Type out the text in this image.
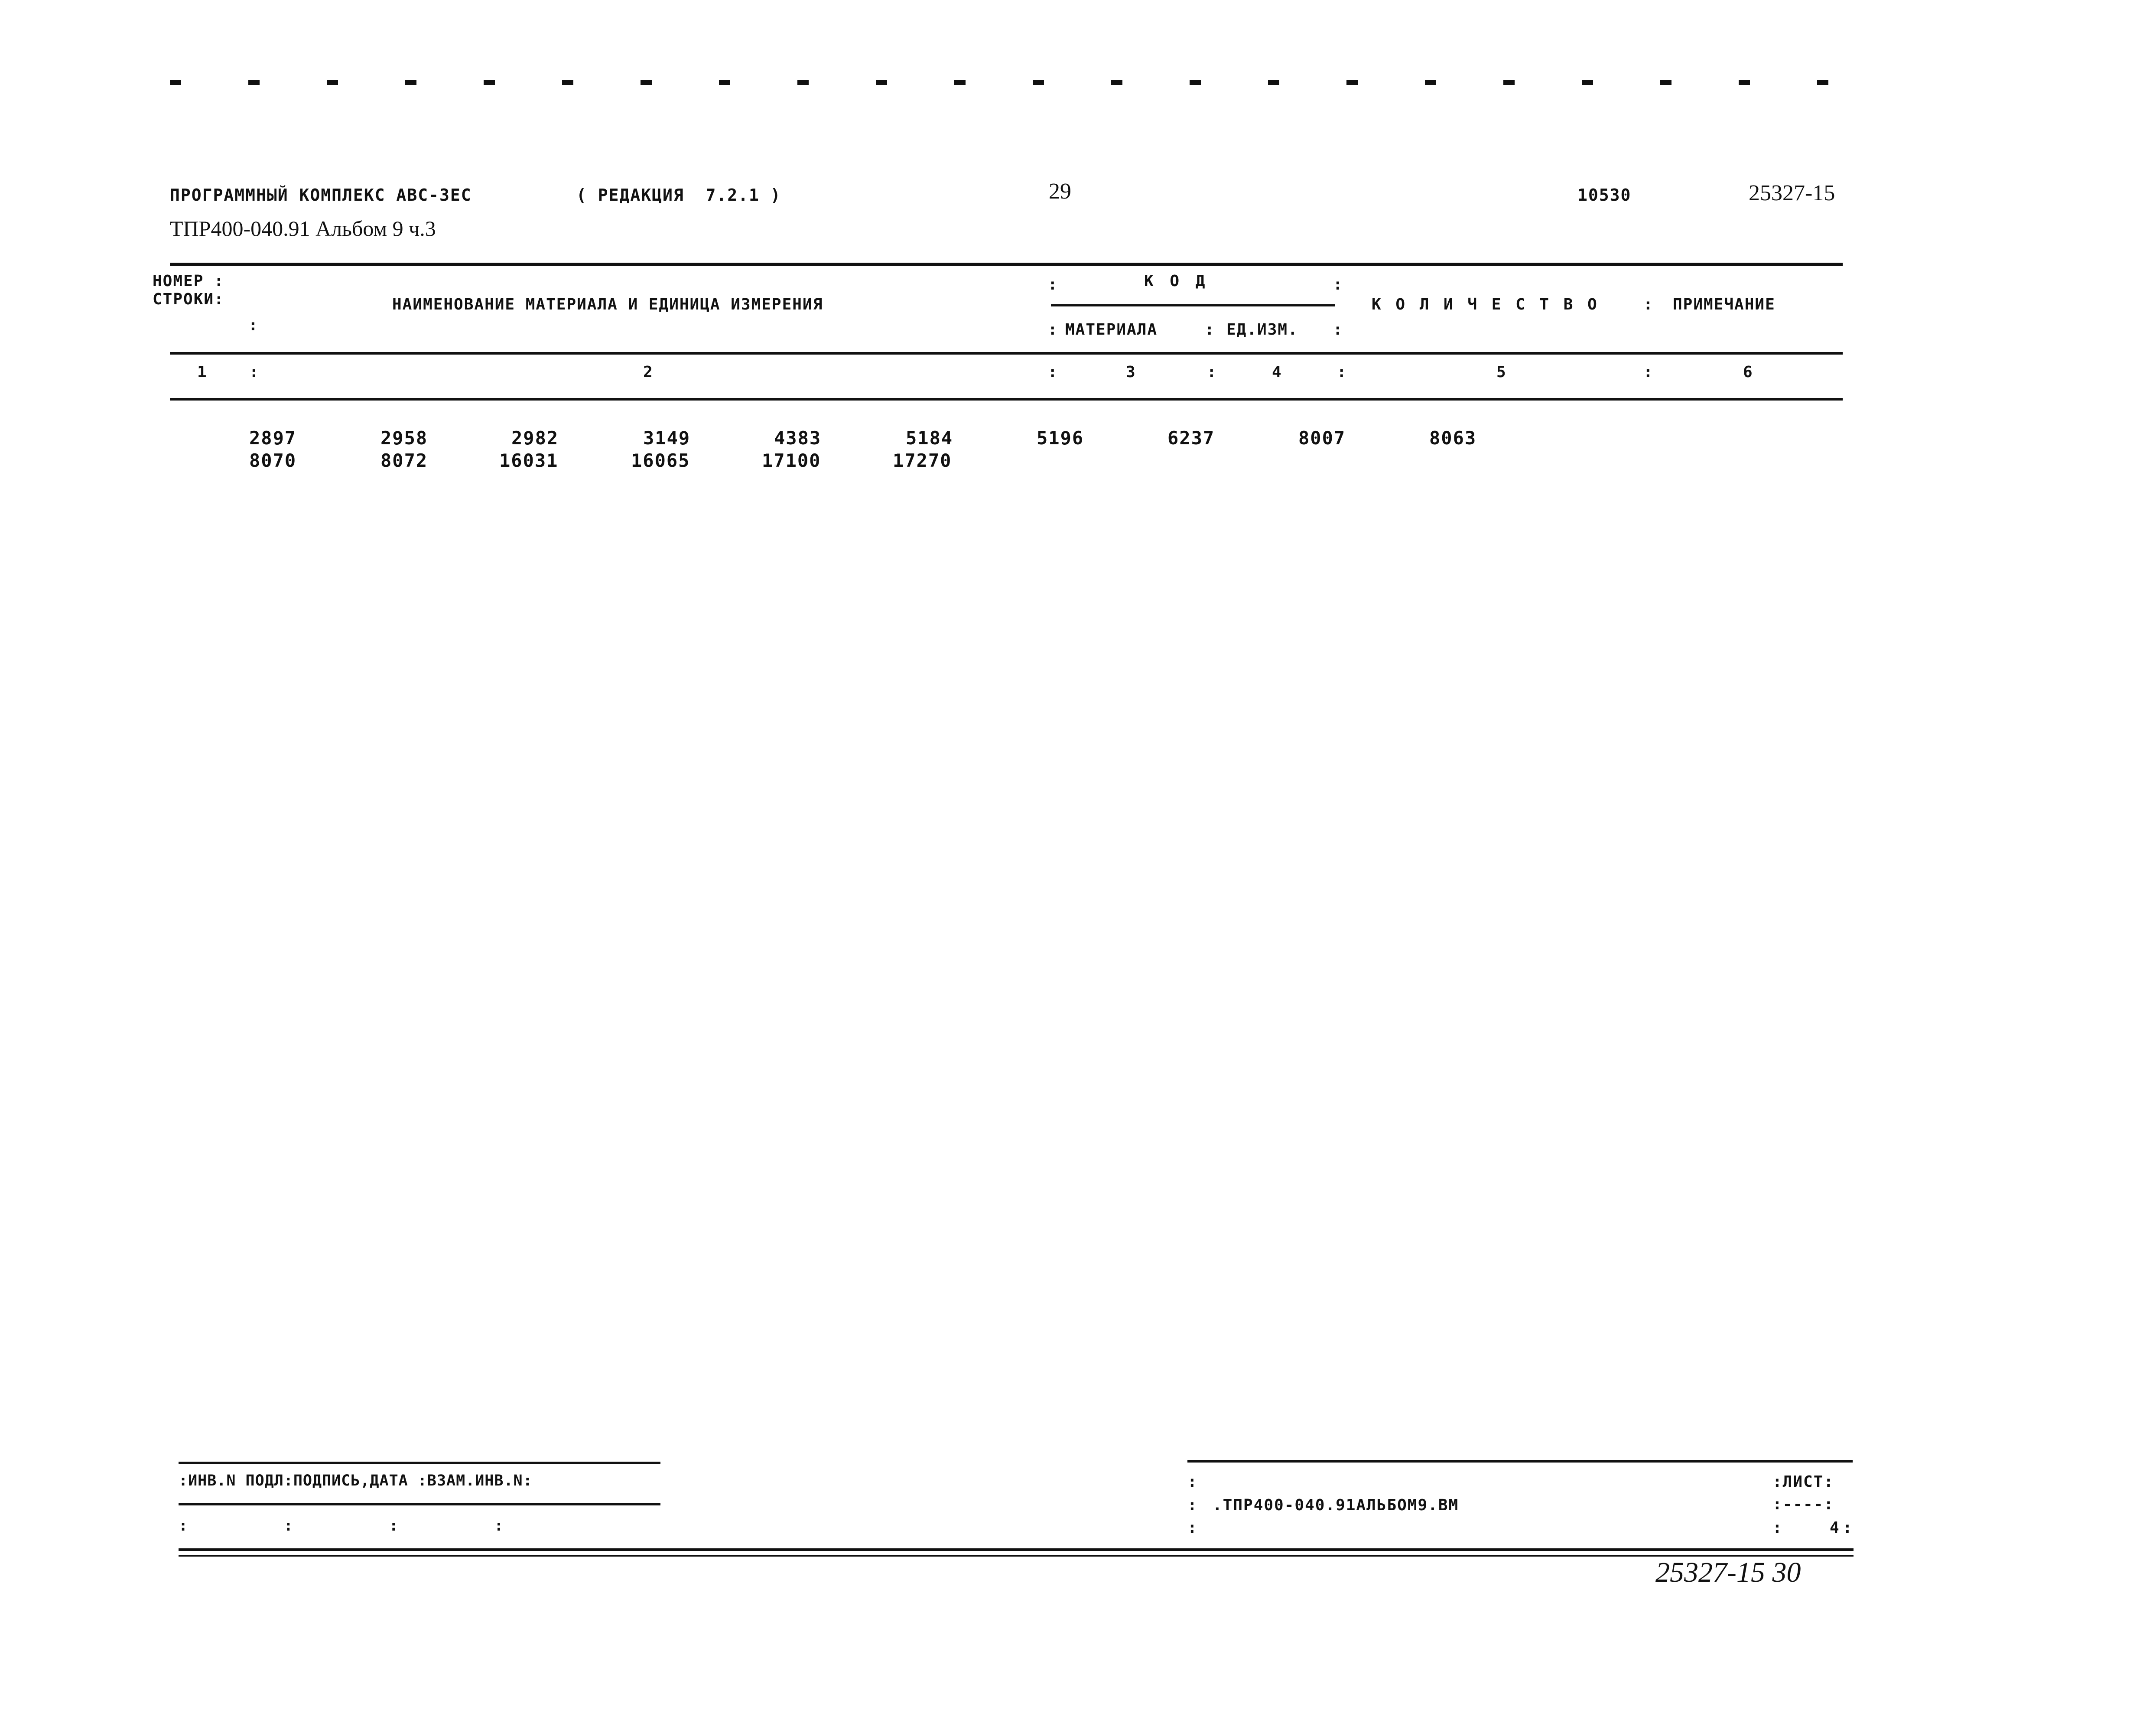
ПРОГРАММНЫЙ КОМПЛЕКС АВС-3ЕС	( РЕДАКЦИЯ  7.2.1 )	29	10530	25327-15
ТПР400-040.91 Альбом 9 ч.3
НОМЕР :
СТРОКИ:
:
НАИМЕНОВАНИЕ МАТЕРИАЛА И ЕДИНИЦА ИЗМЕРЕНИЯ
:	К О Д	:
: МАТЕРИАЛА	: ЕД.ИЗМ. :
К О Л И Ч Е С Т В О	: ПРИМЕЧАНИЕ
1	:	2	:	3	:	4	:	5	:	6
2897	2958	2982	3149	4383	5184	5196	6237	8007	8063
8070	8072	16031	16065	17100	17270
:ИНВ.N ПОДЛ:ПОДПИСЬ,ДАТА :ВЗАМ.ИНВ.N:
:          :          :          :
:
:
:
.ТПР400-040.91АЛЬБОМ9.ВМ
:ЛИСТ:
:----:
:	4 :
25327-15 30
